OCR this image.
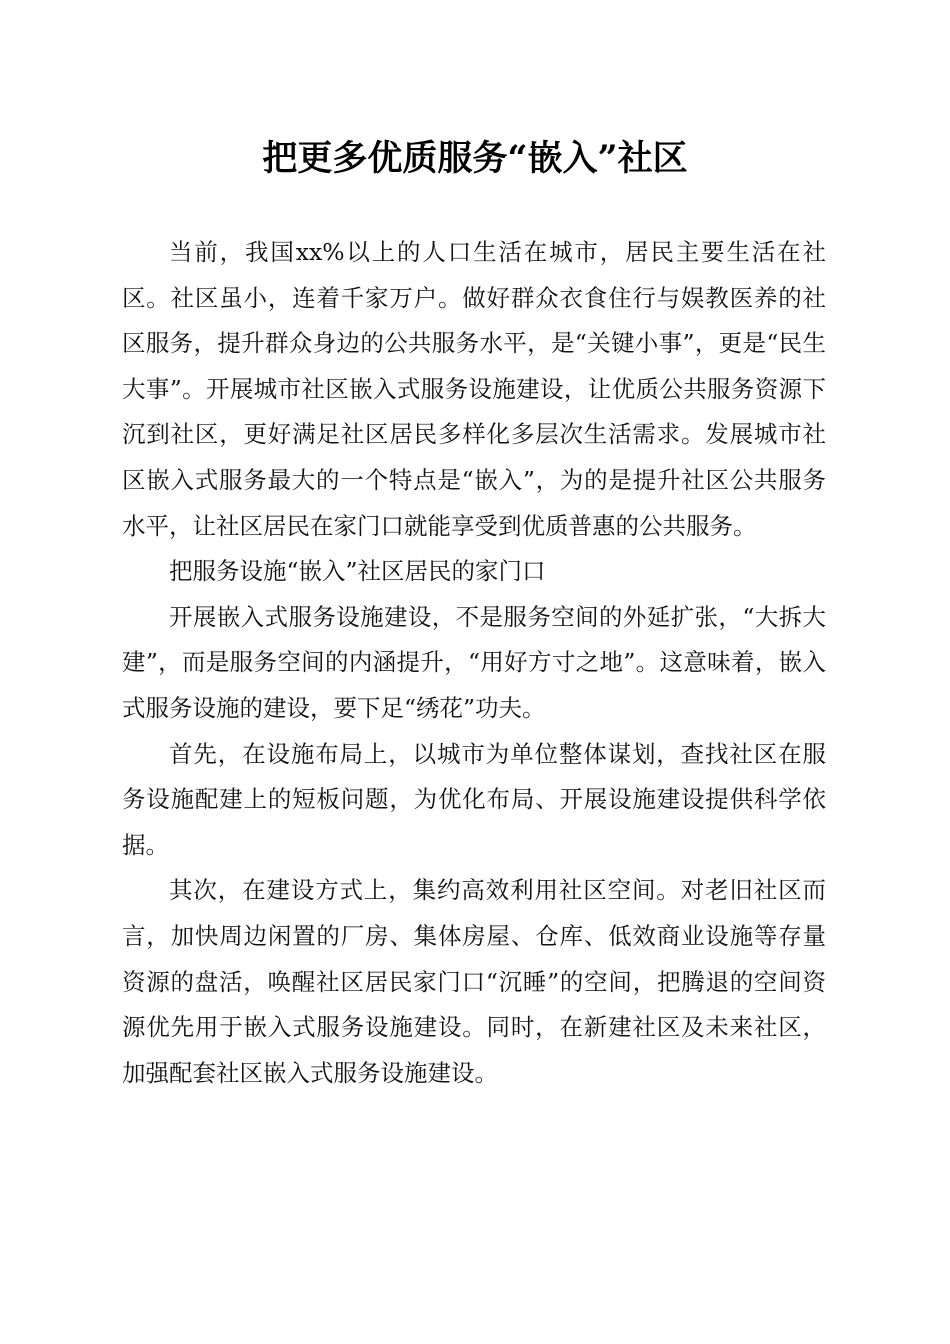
把更多优质服务“嵌入”社区

当前，我国xx%以上的人口生活在城市，居民主要生活在社区。社区虽小，连着千家万户。做好群众衣食住行与娱教医养的社区服务，提升群众身边的公共服务水平，是“关键小事”，更是“民生大事”。开展城市社区嵌入式服务设施建设，让优质公共服务资源下沉到社区，更好满足社区居民多样化多层次生活需求。发展城市社区嵌入式服务最大的一个特点是“嵌入”，为的是提升社区公共服务水平，让社区居民在家门口就能享受到优质普惠的公共服务。

把服务设施“嵌入”社区居民的家门口

开展嵌入式服务设施建设，不是服务空间的外延扩张，“大拆大建”，而是服务空间的内涵提升，“用好方寸之地”。这意味着，嵌入式服务设施的建设，要下足“绣花”功夫。

首先，在设施布局上，以城市为单位整体谋划，查找社区在服务设施配建上的短板问题，为优化布局、开展设施建设提供科学依据。

其次，在建设方式上，集约高效利用社区空间。对老旧社区而言，加快周边闲置的厂房、集体房屋、仓库、低效商业设施等存量资源的盘活，唤醒社区居民家门口“沉睡”的空间，把腾退的空间资源优先用于嵌入式服务设施建设。同时，在新建社区及未来社区，加强配套社区嵌入式服务设施建设。
